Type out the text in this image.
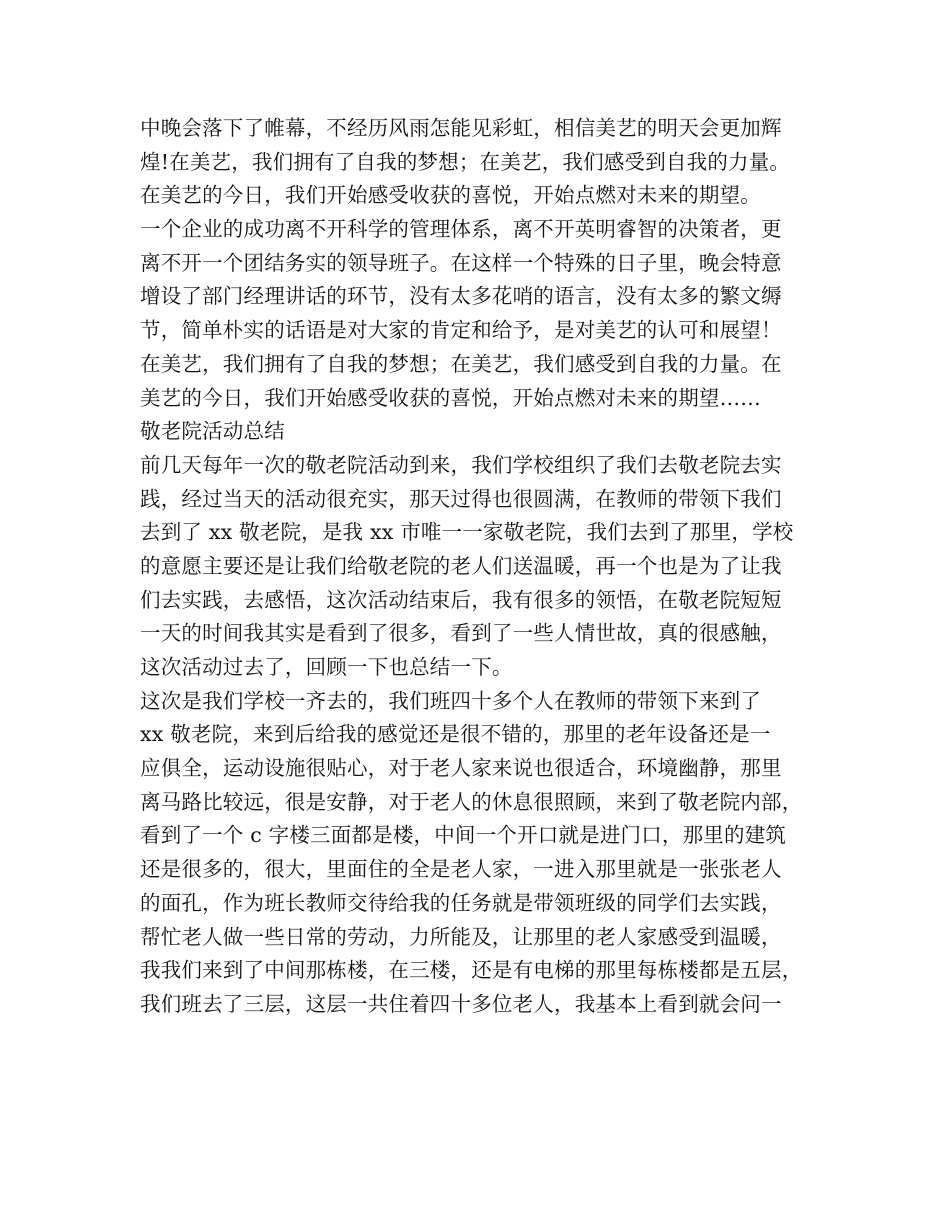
中晚会落下了帷幕，不经历风雨怎能见彩虹，相信美艺的明天会更加辉
煌!在美艺，我们拥有了自我的梦想；在美艺，我们感受到自我的力量。
在美艺的今日，我们开始感受收获的喜悦，开始点燃对未来的期望。
一个企业的成功离不开科学的管理体系，离不开英明睿智的决策者，更
离不开一个团结务实的领导班子。在这样一个特殊的日子里，晚会特意
增设了部门经理讲话的环节，没有太多花哨的语言，没有太多的繁文缛
节，简单朴实的话语是对大家的肯定和给予，是对美艺的认可和展望！
在美艺，我们拥有了自我的梦想；在美艺，我们感受到自我的力量。在
美艺的今日，我们开始感受收获的喜悦，开始点燃对未来的期望……
敬老院活动总结
前几天每年一次的敬老院活动到来，我们学校组织了我们去敬老院去实
践，经过当天的活动很充实，那天过得也很圆满，在教师的带领下我们
去到了 xx 敬老院，是我 xx 市唯一一家敬老院，我们去到了那里，学校
的意愿主要还是让我们给敬老院的老人们送温暖，再一个也是为了让我
们去实践，去感悟，这次活动结束后，我有很多的领悟，在敬老院短短
一天的时间我其实是看到了很多，看到了一些人情世故，真的很感触，
这次活动过去了，回顾一下也总结一下。
这次是我们学校一齐去的，我们班四十多个人在教师的带领下来到了
xx 敬老院，来到后给我的感觉还是很不错的，那里的老年设备还是一
应俱全，运动设施很贴心，对于老人家来说也很适合，环境幽静，那里
离马路比较远，很是安静，对于老人的休息很照顾，来到了敬老院内部，
看到了一个 c 字楼三面都是楼，中间一个开口就是进门口，那里的建筑
还是很多的，很大，里面住的全是老人家，一进入那里就是一张张老人
的面孔，作为班长教师交待给我的任务就是带领班级的同学们去实践，
帮忙老人做一些日常的劳动，力所能及，让那里的老人家感受到温暖，
我我们来到了中间那栋楼，在三楼，还是有电梯的那里每栋楼都是五层，
我们班去了三层，这层一共住着四十多位老人，我基本上看到就会问一
